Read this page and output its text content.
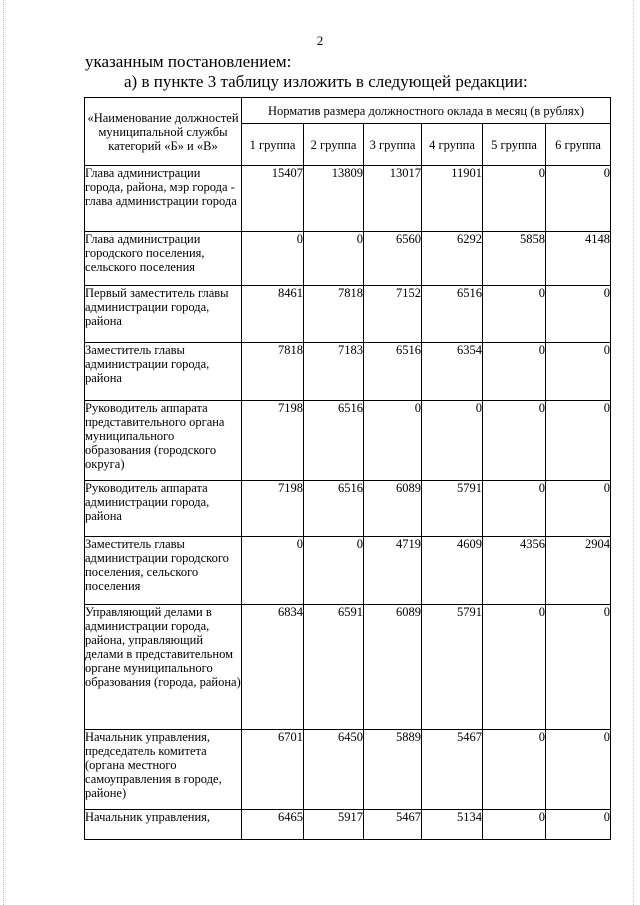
2
указанным постановлением:
а) в пункте 3 таблицу изложить в следующей редакции:
«Наименование должностей муниципальной службы категорий «Б» и «В»	Норматив размера должностного оклада в месяц (в рублях)					
	1 группа	2 группа	3 группа	4 группа	5 группа	6 группа
Глава администрации города, района, мэр города - глава администрации города	15407	13809	13017	11901	0	0
Глава администрации городского поселения, сельского поселения	0	0	6560	6292	5858	4148
Первый заместитель главы администрации города, района	8461	7818	7152	6516	0	0
Заместитель главы администрации города, района	7818	7183	6516	6354	0	0
Руководитель аппарата представительного органа муниципального образования (городского округа)	7198	6516	0	0	0	0
Руководитель аппарата администрации города, района	7198	6516	6089	5791	0	0
Заместитель главы администрации городского поселения, сельского поселения	0	0	4719	4609	4356	2904
Управляющий делами в администрации города, района, управляющий делами в представительном органе муниципального образования (города, района)	6834	6591	6089	5791	0	0
Начальник управления, председатель комитета (органа местного самоуправления в городе, районе)	6701	6450	5889	5467	0	0
Начальник управления,	6465	5917	5467	5134	0	0
